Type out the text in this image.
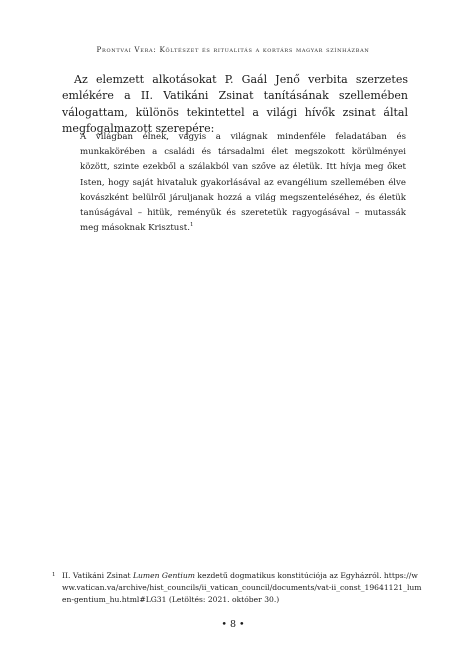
Prontvai Vera: Költészet és ritualitás a kortárs magyar színházban

Az elemzett alkotásokat P. Gaál Jenő verbita szerzetes emlékére a II. Vatikáni Zsinat tanításának szellemében válogattam, különös tekintettel a világi hívők zsinat által megfogalmazott szerepére:

A világban élnek, vagyis a világnak mindenféle feladatában és munkakörében a családi és társadalmi élet megszokott körülményei között, szinte ezekből a szálakból van szőve az életük. Itt hívja meg őket Isten, hogy saját hivataluk gyakorlásával az evangélium szellemében élve kovászként belülről járuljanak hozzá a világ megszenteléséhez, és életük tanúságával – hitük, reményük és szeretetük ragyogásával – mutassák meg másoknak Krisztust.$^1$

1 II. Vatikáni Zsinat Lumen Gentium kezdetű dogmatikus konstitúciója az Egyházról. https://www.vatican.va/archive/hist_councils/ii_vatican_council/documents/vat-ii_const_19641121_lumen-gentium_hu.html#LG31 (Letöltés: 2021. október 30.)

• 8 •
